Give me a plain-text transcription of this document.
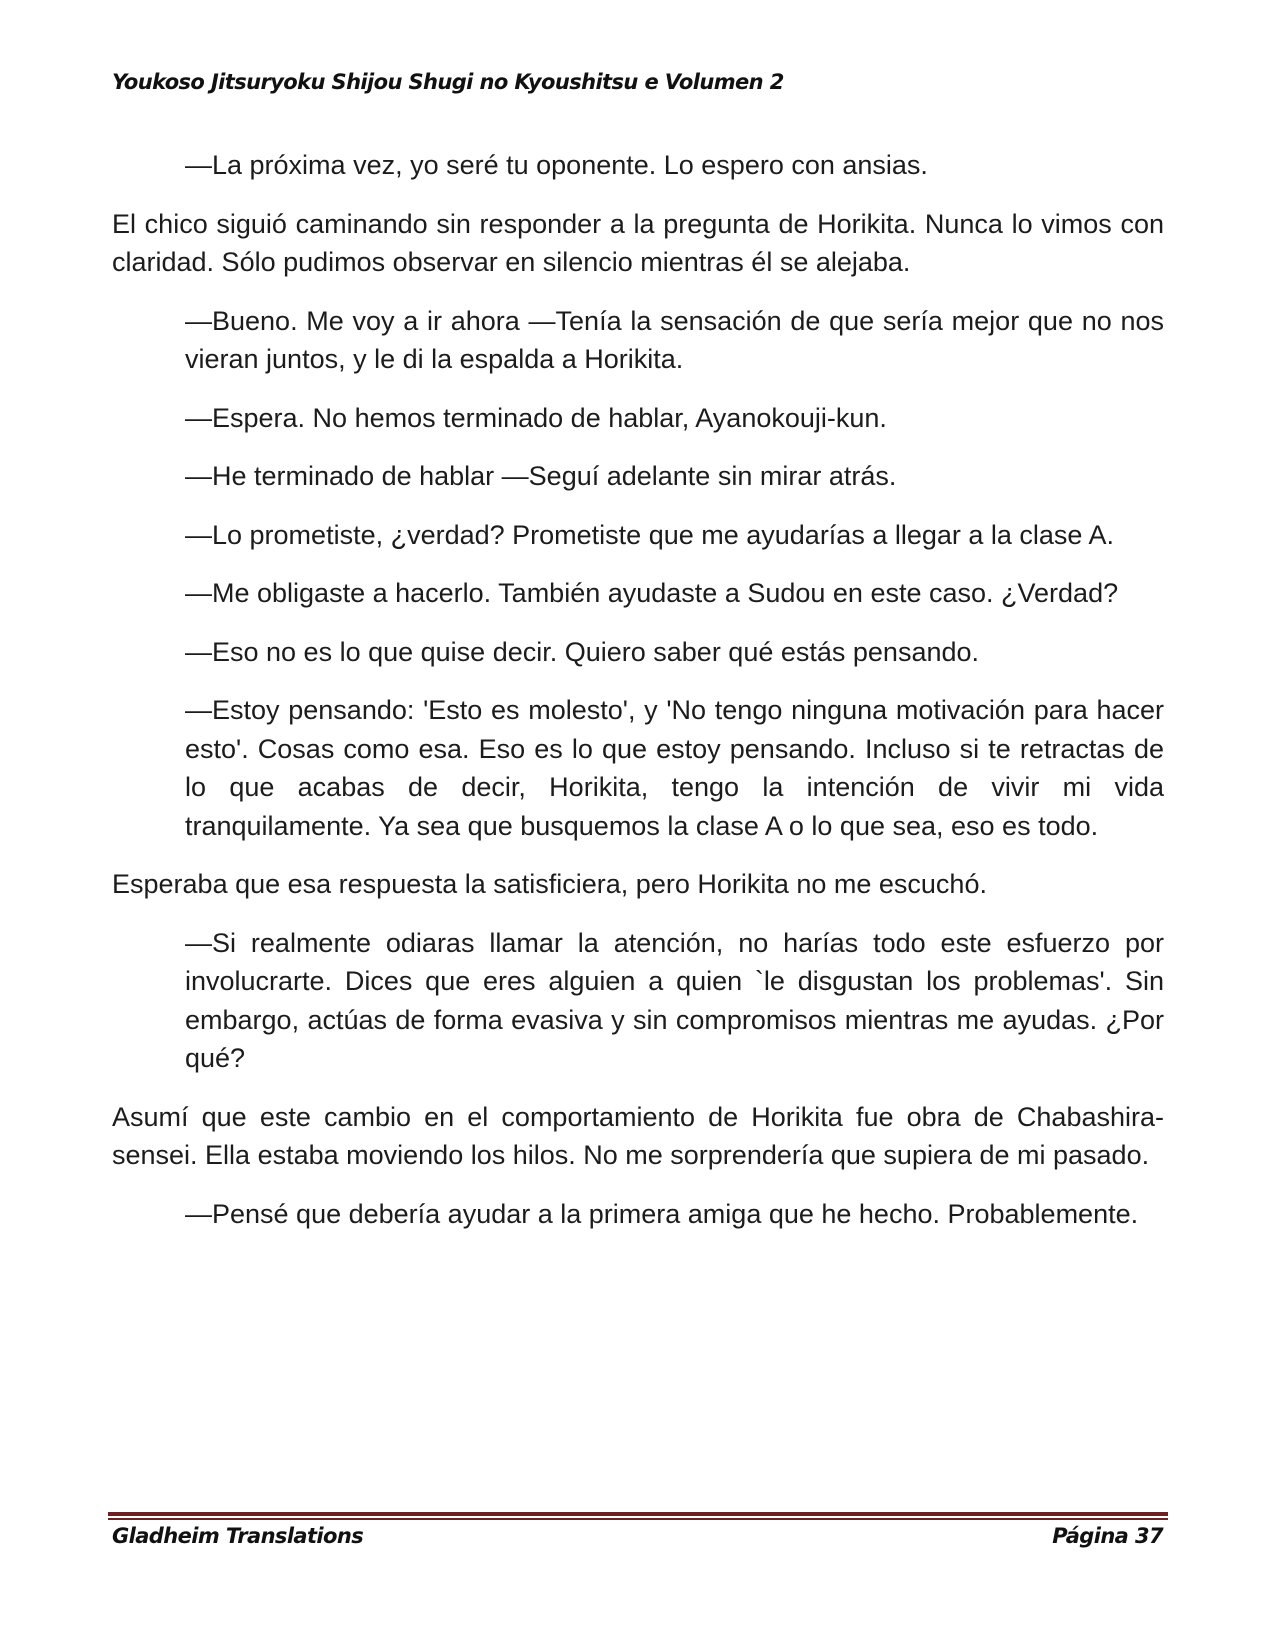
Youkoso Jitsuryoku Shijou Shugi no Kyoushitsu e Volumen 2

—La próxima vez, yo seré tu oponente. Lo espero con ansias.

El chico siguió caminando sin responder a la pregunta de Horikita. Nunca lo vimos con claridad. Sólo pudimos observar en silencio mientras él se alejaba.

—Bueno. Me voy a ir ahora —Tenía la sensación de que sería mejor que no nos vieran juntos, y le di la espalda a Horikita.

—Espera. No hemos terminado de hablar, Ayanokouji-kun.

—He terminado de hablar —Seguí adelante sin mirar atrás.

—Lo prometiste, ¿verdad? Prometiste que me ayudarías a llegar a la clase A.

—Me obligaste a hacerlo. También ayudaste a Sudou en este caso. ¿Verdad?

—Eso no es lo que quise decir. Quiero saber qué estás pensando.

—Estoy pensando: 'Esto es molesto', y 'No tengo ninguna motivación para hacer esto'. Cosas como esa. Eso es lo que estoy pensando. Incluso si te retractas de lo que acabas de decir, Horikita, tengo la intención de vivir mi vida tranquilamente. Ya sea que busquemos la clase A o lo que sea, eso es todo.

Esperaba que esa respuesta la satisficiera, pero Horikita no me escuchó.

—Si realmente odiaras llamar la atención, no harías todo este esfuerzo por involucrarte. Dices que eres alguien a quien `le disgustan los problemas'. Sin embargo, actúas de forma evasiva y sin compromisos mientras me ayudas. ¿Por qué?

Asumí que este cambio en el comportamiento de Horikita fue obra de Chabashira-sensei. Ella estaba moviendo los hilos. No me sorprendería que supiera de mi pasado.

—Pensé que debería ayudar a la primera amiga que he hecho. Probablemente.

Gladheim Translations	Página 37
